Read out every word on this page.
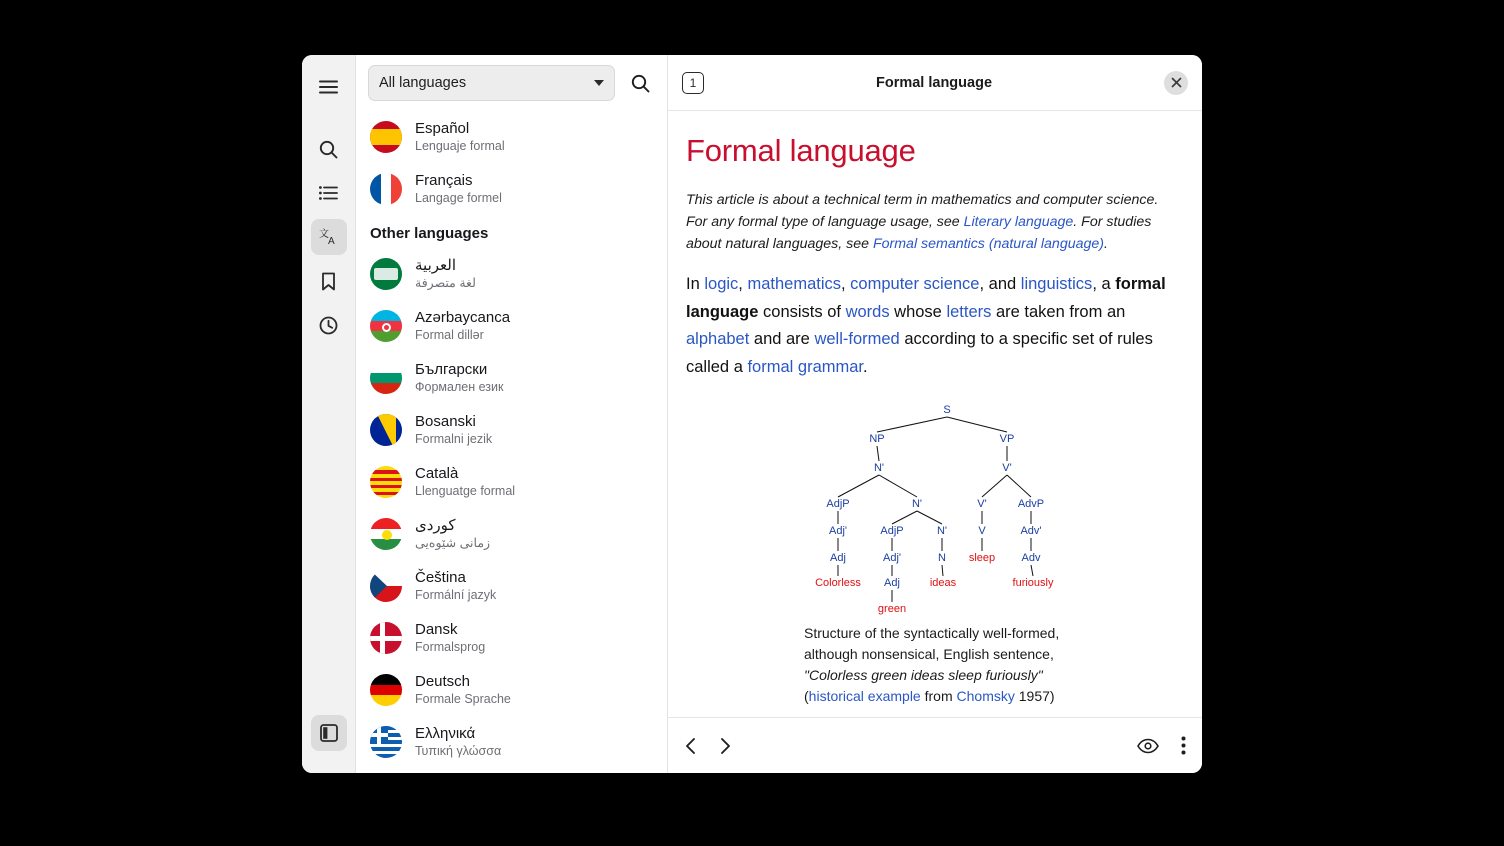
文
A
All languages
Español
Lenguaje formal
Français
Langage formel
Other languages
العربية
لغة متصرفة
Azərbaycanca
Formal dillər
Български
Формален език
Bosanski
Formalni jezik
Català
Llenguatge formal
کوردی
زمانی شێوەیی
Čeština
Formální jazyk
Dansk
Formalsprog
Deutsch
Formale Sprache
Ελληνικά
Τυπική γλώσσα
1	Formal language
Formal language
This article is about a technical term in mathematics and computer science. For any formal type of language usage, see Literary language. For studies about natural languages, see Formal semantics (natural language).
In logic, mathematics, computer science, and linguistics, a formal language consists of words whose letters are taken from an alphabet and are well-formed according to a specific set of rules called a formal grammar.
S
NP	VP
N'	V'
AdjP	N'	V'	AdvP
Adj'	AdjP	N'	Adv'
Adj	Adj'	N
V
Adv
Adj
Colorless
green
ideas
sleep
furiously
Structure of the syntactically well-formed,
although nonsensical, English sentence,
"Colorless green ideas sleep furiously"
(historical example from Chomsky 1957)
